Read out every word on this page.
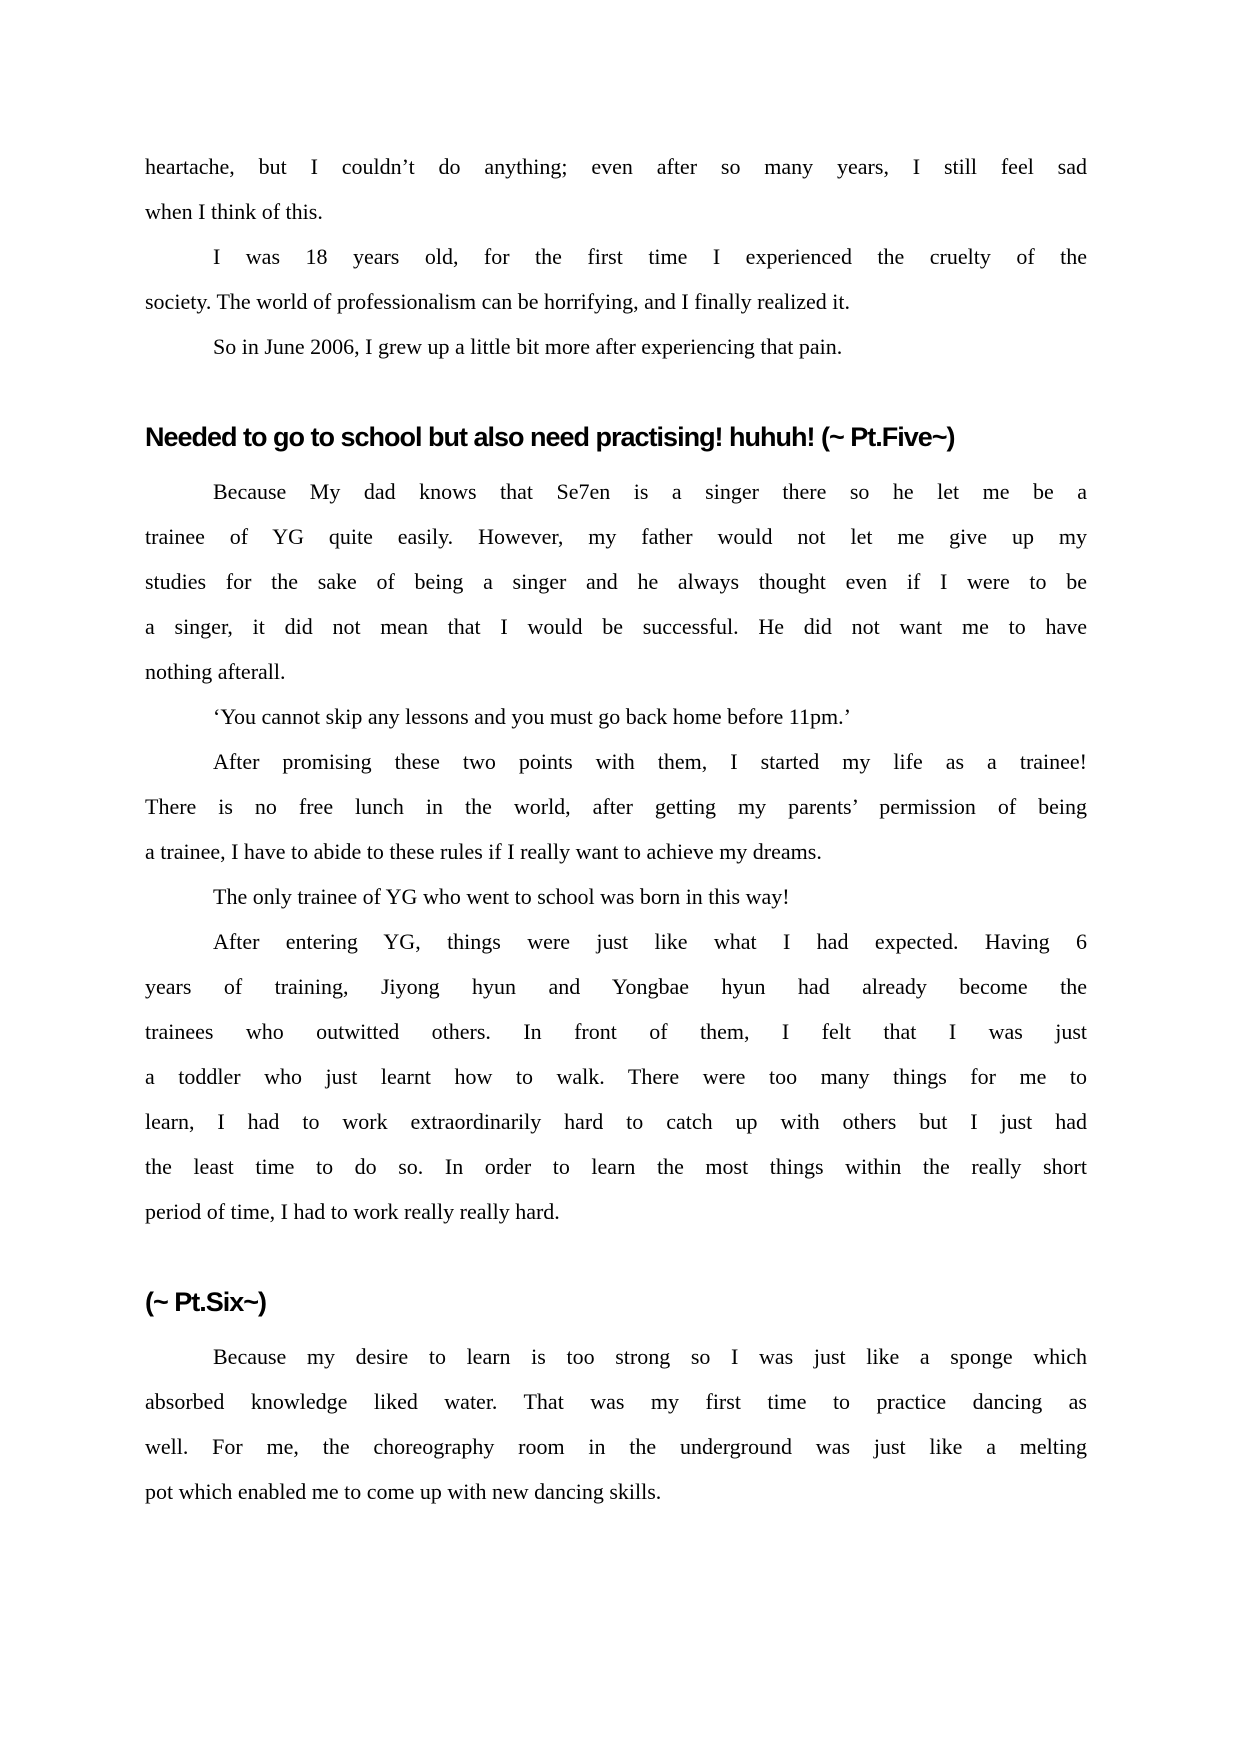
heartache, but I couldn’t do anything; even after so many years, I still feel sad
when I think of this.
I was 18 years old, for the first time I experienced the cruelty of the
society. The world of professionalism can be horrifying, and I finally realized it.
So in June 2006, I grew up a little bit more after experiencing that pain.
Needed to go to school but also need practising! huhuh! (~ Pt.Five~)
Because My dad knows that Se7en is a singer there so he let me be a
trainee of YG quite easily. However, my father would not let me give up my
studies for the sake of being a singer and he always thought even if I were to be
a singer, it did not mean that I would be successful. He did not want me to have
nothing afterall.
‘You cannot skip any lessons and you must go back home before 11pm.’
After promising these two points with them, I started my life as a trainee!
There is no free lunch in the world, after getting my parents’ permission of being
a trainee, I have to abide to these rules if I really want to achieve my dreams.
The only trainee of YG who went to school was born in this way!
After entering YG, things were just like what I had expected. Having 6
years of training, Jiyong hyun and Yongbae hyun had already become the
trainees who outwitted others. In front of them, I felt that I was just
a toddler who just learnt how to walk. There were too many things for me to
learn, I had to work extraordinarily hard to catch up with others but I just had
the least time to do so. In order to learn the most things within the really short
period of time, I had to work really really hard.
(~ Pt.Six~)
Because my desire to learn is too strong so I was just like a sponge which
absorbed knowledge liked water. That was my first time to practice dancing as
well. For me, the choreography room in the underground was just like a melting
pot which enabled me to come up with new dancing skills.
